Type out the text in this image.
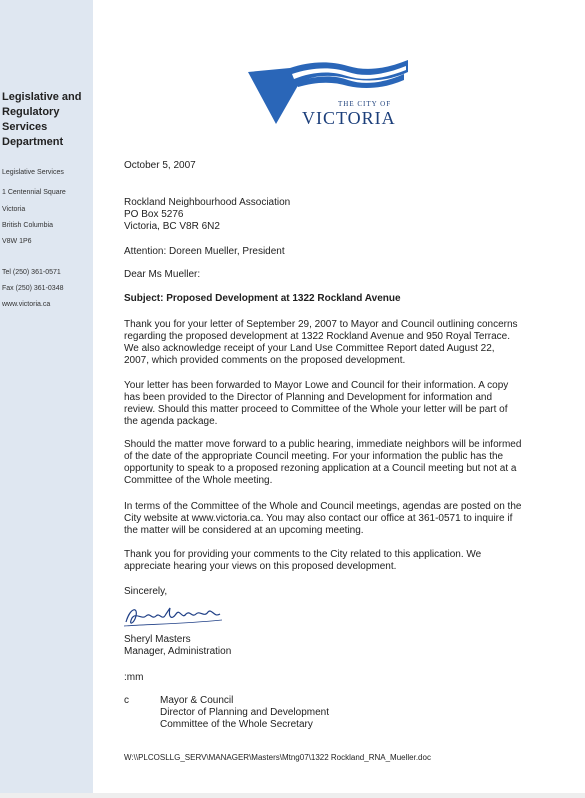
Legislative and
Regulatory
Services
Department
Legislative Services
1 Centennial Square
Victoria
British Columbia
V8W 1P6
Tel (250) 361-0571
Fax (250) 361-0348
www.victoria.ca
THE CITY OF
VICTORIA
October 5, 2007
Rockland Neighbourhood Association
PO Box 5276
Victoria, BC V8R 6N2
Attention: Doreen Mueller, President
Dear Ms Mueller:
Subject: Proposed Development at 1322 Rockland Avenue
Thank you for your letter of September 29, 2007 to Mayor and Council outlining concerns
regarding the proposed development at 1322 Rockland Avenue and 950 Royal Terrace.
We also acknowledge receipt of your Land Use Committee Report dated August 22,
2007, which provided comments on the proposed development.
Your letter has been forwarded to Mayor Lowe and Council for their information. A copy
has been provided to the Director of Planning and Development for information and
review. Should this matter proceed to Committee of the Whole your letter will be part of
the agenda package.
Should the matter move forward to a public hearing, immediate neighbors will be informed
of the date of the appropriate Council meeting. For your information the public has the
opportunity to speak to a proposed rezoning application at a Council meeting but not at a
Committee of the Whole meeting.
In terms of the Committee of the Whole and Council meetings, agendas are posted on the
City website at www.victoria.ca. You may also contact our office at 361-0571 to inquire if
the matter will be considered at an upcoming meeting.
Thank you for providing your comments to the City related to this application. We
appreciate hearing your views on this proposed development.
Sincerely,
Sheryl Masters
Manager, Administration
:mm
c	Mayor & Council
Director of Planning and Development
Committee of the Whole Secretary
W:\\PLCOSLLG_SERV\MANAGER\Masters\Mtng07\1322 Rockland_RNA_Mueller.doc
